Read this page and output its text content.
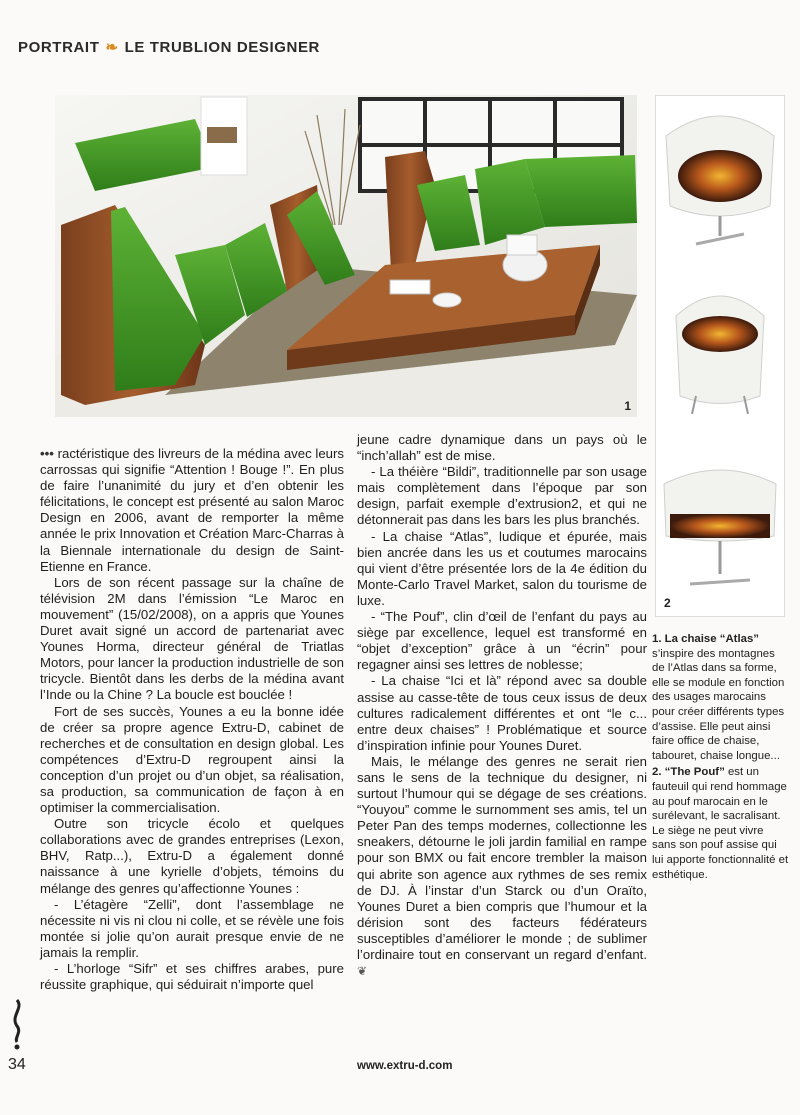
PORTRAIT ❧ LE TRUBLION DESIGNER
1
2

••• ractéristique des livreurs de la médina avec leurs carrossas qui signifie “Attention ! Bouge !”. En plus de faire l’unanimité du jury et d’en obtenir les félicitations, le concept est présenté au salon Maroc Design en 2006, avant de remporter la même année le prix Innovation et Création Marc-Charras à la Biennale internationale du design de Saint-Etienne en France.

Lors de son récent passage sur la chaîne de télévision 2M dans l’émission “Le Maroc en mouvement” (15/02/2008), on a appris que Younes Duret avait signé un accord de partenariat avec Younes Horma, directeur général de Triatlas Motors, pour lancer la production industrielle de son tricycle. Bientôt dans les derbs de la médina avant l’Inde ou la Chine ? La boucle est bouclée !

Fort de ses succès, Younes a eu la bonne idée de créer sa propre agence Extru-D, cabinet de recherches et de consultation en design global. Les compétences d’Extru-D regroupent ainsi la conception d’un projet ou d’un objet, sa réalisation, sa production, sa communication de façon à en optimiser la commercialisation.

Outre son tricycle écolo et quelques collaborations avec de grandes entreprises (Lexon, BHV, Ratp...), Extru-D a également donné naissance à une kyrielle d’objets, témoins du mélange des genres qu’affectionne Younes :

- L’étagère “Zelli”, dont l’assemblage ne nécessite ni vis ni clou ni colle, et se révèle une fois montée si jolie qu’on aurait presque envie de ne jamais la remplir.

- L’horloge “Sifr” et ses chiffres arabes, pure réussite graphique, qui séduirait n’importe quel

jeune cadre dynamique dans un pays où le “inch’allah” est de mise.

- La théière “Bildi”, traditionnelle par son usage mais complètement dans l’époque par son design, parfait exemple d’extrusion2, et qui ne détonnerait pas dans les bars les plus branchés.

- La chaise “Atlas”, ludique et épurée, mais bien ancrée dans les us et coutumes marocains qui vient d’être présentée lors de la 4e édition du Monte-Carlo Travel Market, salon du tourisme de luxe.

- “The Pouf”, clin d’œil de l’enfant du pays au siège par excellence, lequel est transformé en “objet d’exception” grâce à un “écrin” pour regagner ainsi ses lettres de noblesse;

- La chaise “Ici et là” répond avec sa double assise au casse-tête de tous ceux issus de deux cultures radicalement différentes et ont “le c... entre deux chaises” ! Problématique et source d’inspiration infinie pour Younes Duret.

Mais, le mélange des genres ne serait rien sans le sens de la technique du designer, ni surtout l’humour qui se dégage de ses créations. “Youyou” comme le surnomment ses amis, tel un Peter Pan des temps modernes, collectionne les sneakers, détourne le joli jardin familial en rampe pour son BMX ou fait encore trembler la maison qui abrite son agence aux rythmes de ses remix de DJ. À l’instar d’un Starck ou d’un Oraïto, Younes Duret a bien compris que l’humour et la dérision sont des facteurs fédérateurs susceptibles d’améliorer le monde ; de sublimer l’ordinaire tout en conservant un regard d’enfant. ❦

www.extru-d.com

1. La chaise “Atlas” s’inspire des montagnes de l’Atlas dans sa forme, elle se module en fonction des usages marocains pour créer différents types d’assise. Elle peut ainsi faire office de chaise, tabouret, chaise longue...

2. “The Pouf” est un fauteuil qui rend hommage au pouf marocain en le surélevant, le sacralisant. Le siège ne peut vivre sans son pouf assise qui lui apporte fonctionnalité et esthétique.

34
